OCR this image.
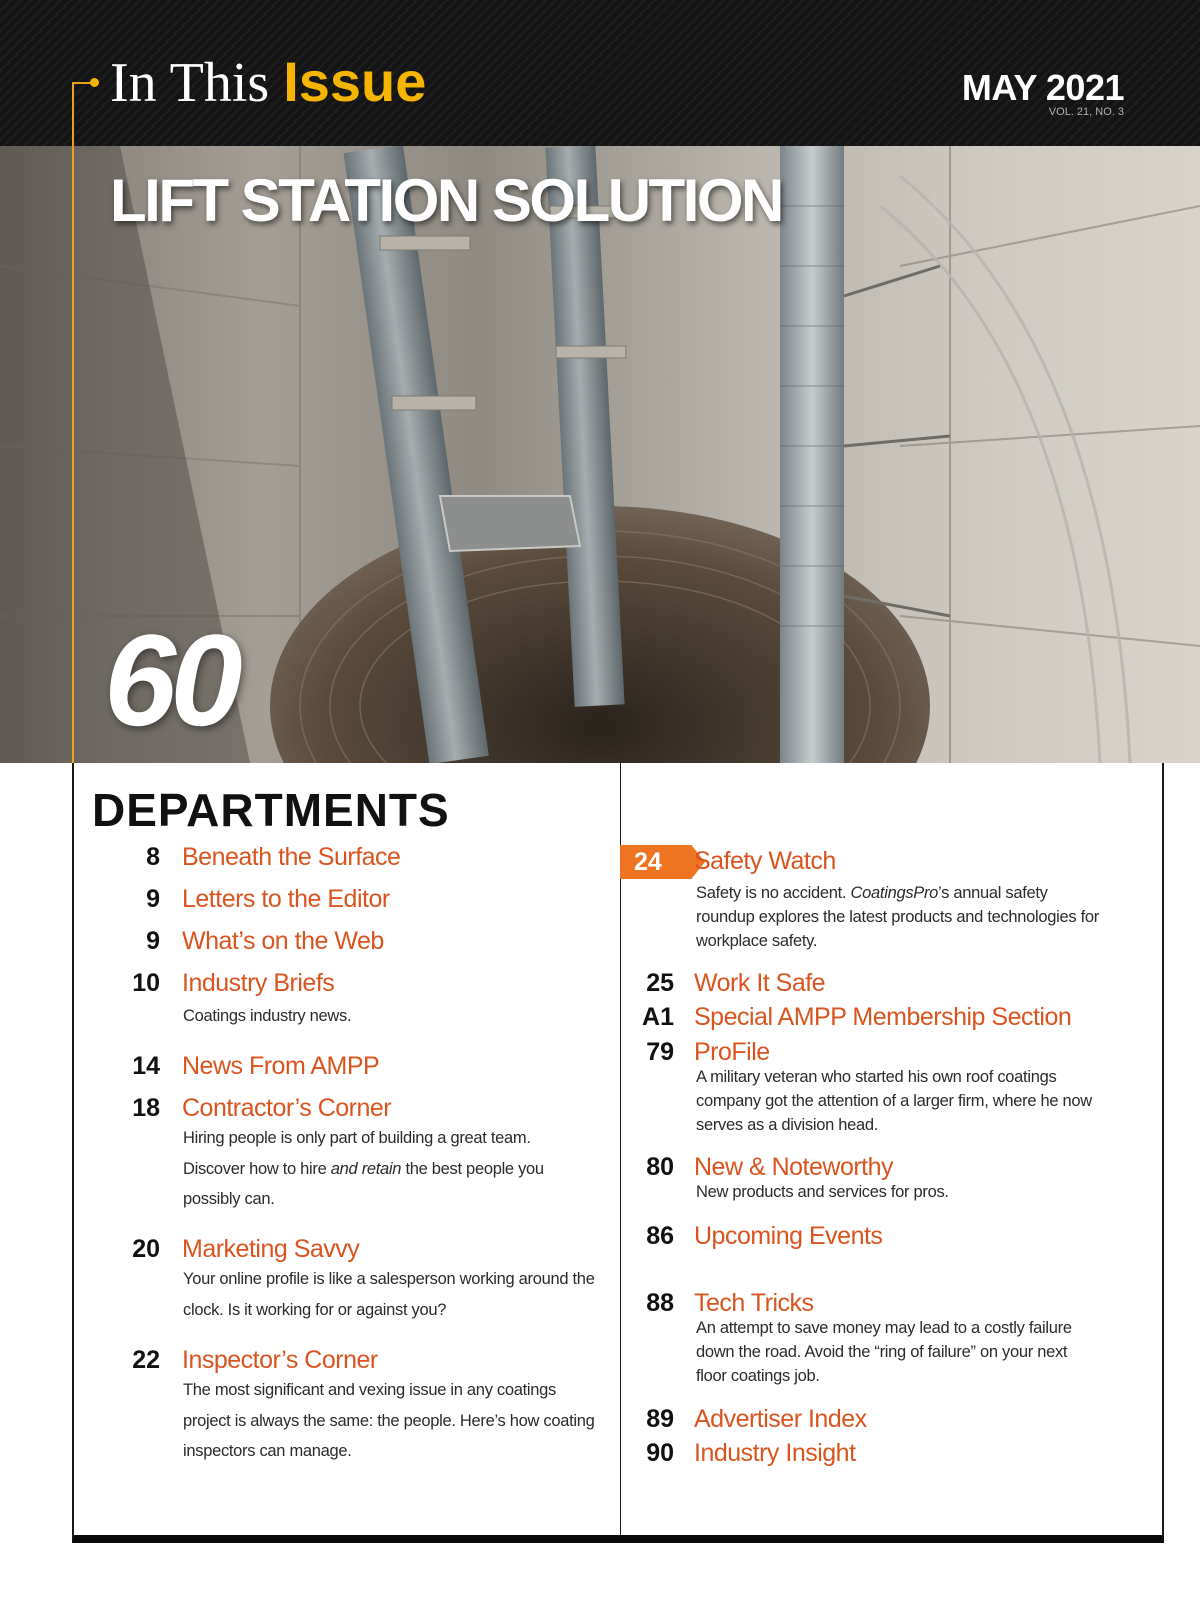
In This Issue	MAY 2021
VOL. 21, NO. 3
LIFT STATION SOLUTION
60
DEPARTMENTS
8 Beneath the Surface
9 Letters to the Editor
9 What’s on the Web
10 Industry Briefs
Coatings industry news.
14 News From AMPP
18 Contractor’s Corner
Hiring people is only part of building a great team.
Discover how to hire and retain the best people you
possibly can.
20 Marketing Savvy
Your online profile is like a salesperson working around the
clock. Is it working for or against you?
22 Inspector’s Corner
The most significant and vexing issue in any coatings
project is always the same: the people. Here’s how coating
inspectors can manage.
24	Safety Watch
Safety is no accident. CoatingsPro’s annual safety
roundup explores the latest products and technologies for
workplace safety.
25 Work It Safe
A1 Special AMPP Membership Section
79 ProFile
A military veteran who started his own roof coatings
company got the attention of a larger firm, where he now
serves as a division head.
80 New & Noteworthy
New products and services for pros.
86 Upcoming Events
88 Tech Tricks
An attempt to save money may lead to a costly failure
down the road. Avoid the “ring of failure” on your next
floor coatings job.
89 Advertiser Index
90 Industry Insight
